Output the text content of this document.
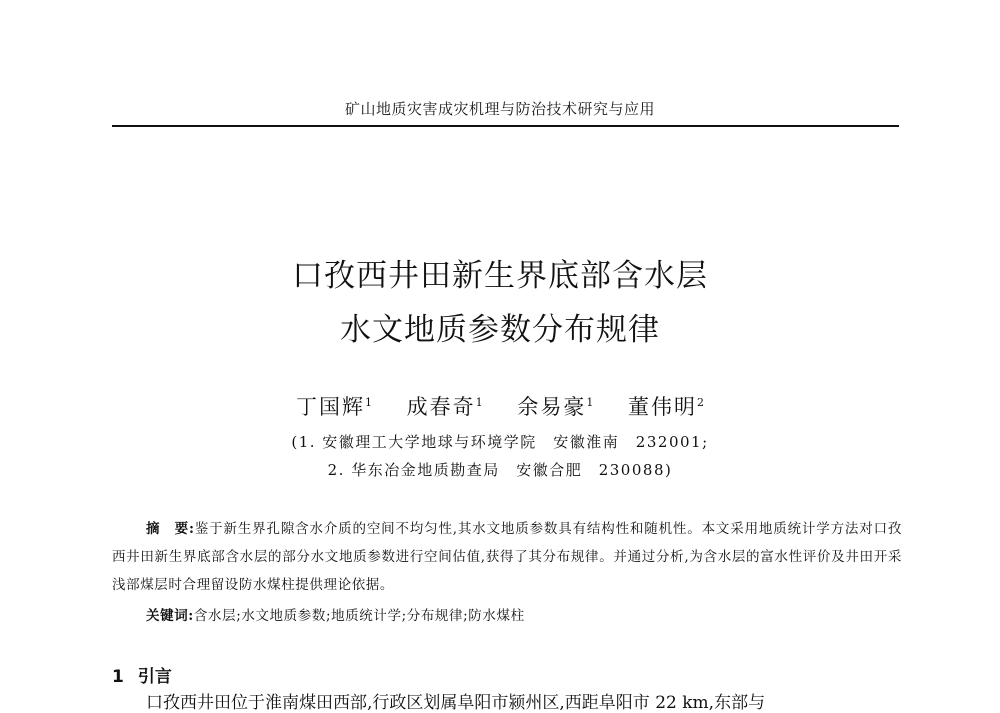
矿山地质灾害成灾机理与防治技术研究与应用
口孜西井田新生界底部含水层
水文地质参数分布规律
丁国辉$^1$ 成春奇$^1$ 余易豪$^1$ 董伟明$^2$
(1. 安徽理工大学地球与环境学院　安徽淮南　232001;
2. 华东冶金地质勘查局　安徽合肥　230088)
摘　要:鉴于新生界孔隙含水介质的空间不均匀性,其水文地质参数具有结构性和随机性。本文采用地质统计学方法对口孜西井田新生界底部含水层的部分水文地质参数进行空间估值,获得了其分布规律。并通过分析,为含水层的富水性评价及井田开采浅部煤层时合理留设防水煤柱提供理论依据。
关键词:含水层;水文地质参数;地质统计学;分布规律;防水煤柱
1 引言
口孜西井田位于淮南煤田西部,行政区划属阜阳市颍州区,西距阜阳市 22 km,东部与
